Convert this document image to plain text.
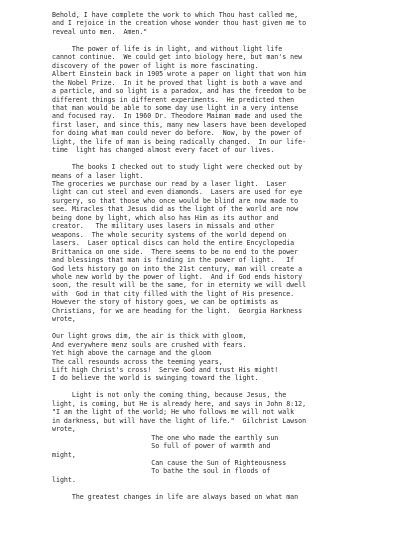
Behold, I have complete the work to which Thou hast called me,
and I rejoice in the creation whose wonder thou hast given me to
reveal unto men.  Amen."
The power of life is in light, and without light life
cannot continue.  We could get into biology here, but man's new
discovery of the power of light is more fascinating.
Albert Einstein back in 1905 wrote a paper on light that won him
the Nobel Prize.  In it he proved that light is both a wave and
a particle, and so light is a paradox, and has the freedom to be
different things in different experiments.  He predicted then
that man would be able to some day use light in a very intense
and focused ray.  In 1960 Dr. Theodore Maiman made and used the
first laser, and since this, many new lasers have been developed
for doing what man could never do before.  Now, by the power of
light, the life of man is being radically changed.  In our life-
time  light has changed almost every facet of our lives.
The books I checked out to study light were checked out by
means of a laser light.
The groceries we purchase our read by a laser light.  Laser
light can cut steel and even diamonds.  Lasers are used for eye
surgery, so that those who once would be blind are now made to
see. Miracles that Jesus did as the light of the world are now
being done by light, which also has Him as its author and
creator.   The military uses lasers in missals and other
weapons.  The whole security systems of the world depend on
lasers.  Laser optical discs can hold the entire Encyclopedia
Brittanica on one side.  There seems to be no end to the power
and blessings that man is finding in the power of light.   If
God lets history go on into the 21st century, man will create a
whole new world by the power of light.  And if God ends history
soon, the result will be the same, for in eternity we will dwell
with  God in that city filled with the light of His presence.
However the story of history goes, we can be optimists as
Christians, for we are heading for the light.  Georgia Harkness
wrote,
Our light grows dim, the air is thick with gloom,
And everywhere menz souls are crushed with fears.
Yet high above the carnage and the gloom
The call resounds across the teeming years,
Lift high Christ's cross!  Serve God and trust His might!
I do believe the world is swinging toward the light.
Light is not only the coming thing, because Jesus, the
light, is coming, but He is already here, and says in John 8:12,
"I am the light of the world; He who follows me will not walk
in darkness, but will have the light of life."  Gilchrist Lawson
wrote,
The one who made the earthly sun
So full of power of warmth and
might,
Can cause the Sun of Righteousness
To bathe the soul in floods of
light.
The greatest changes in life are always based on what man
